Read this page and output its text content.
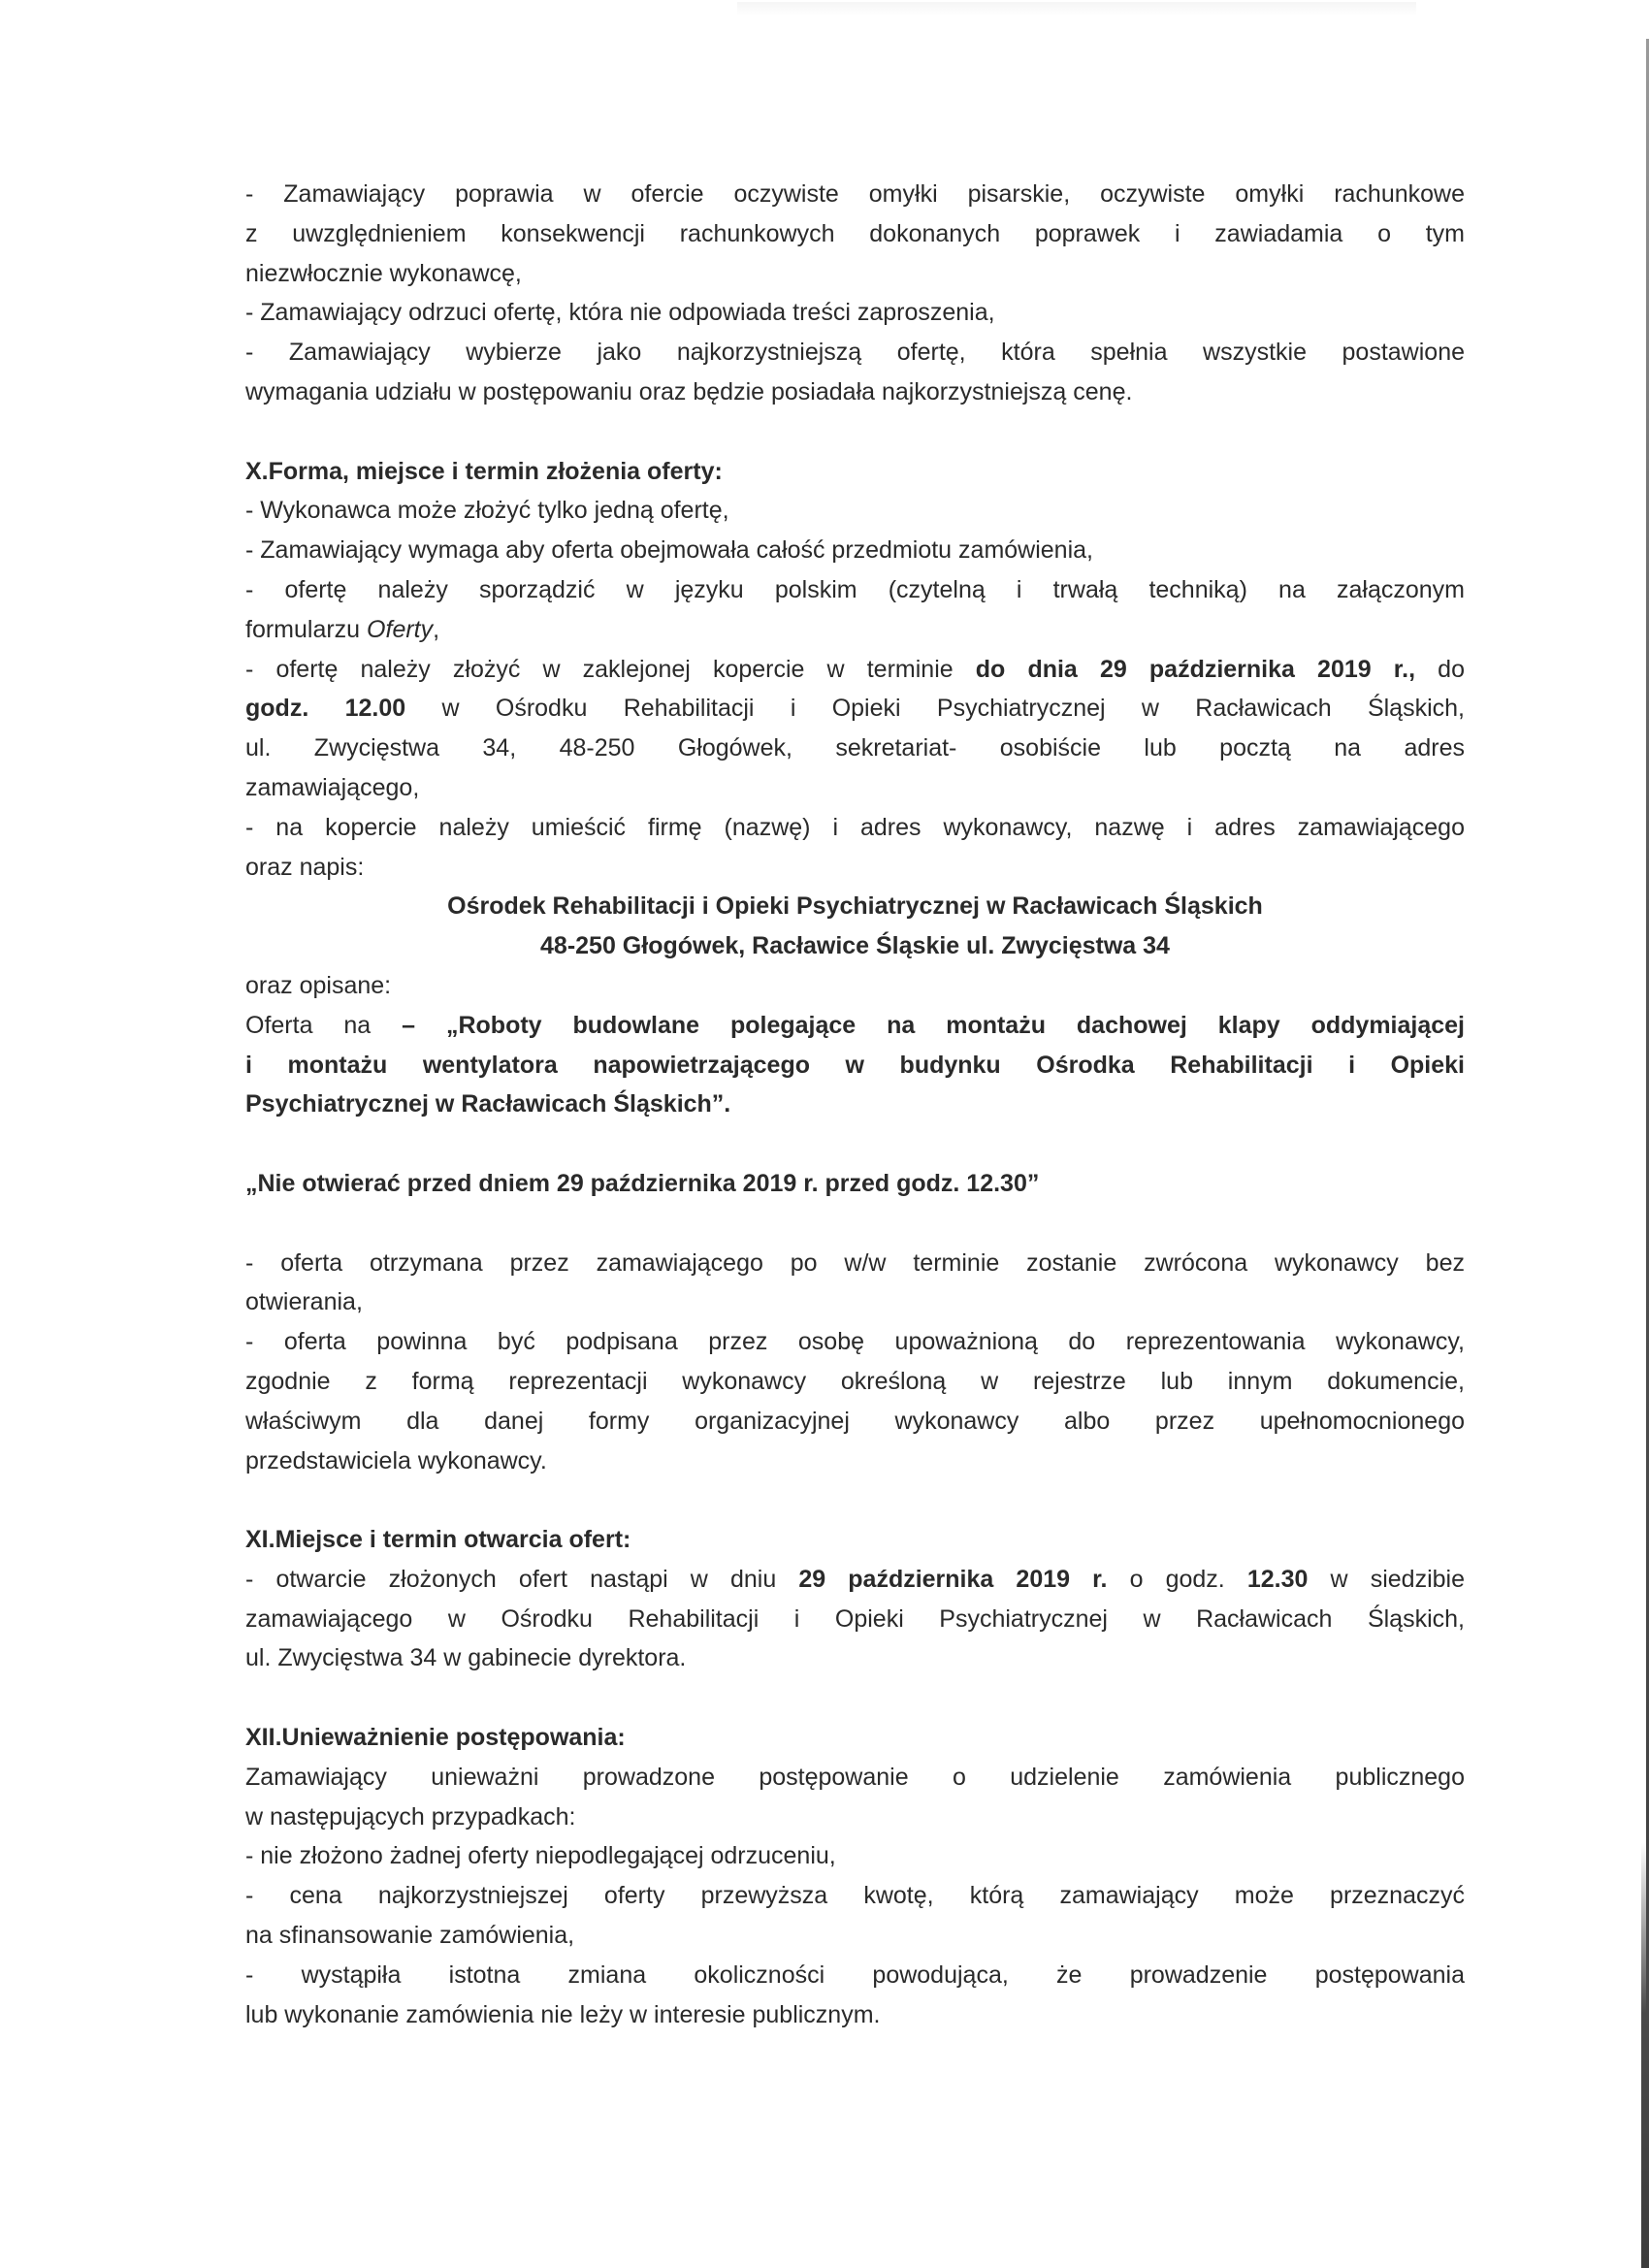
- Zamawiający poprawia w ofercie oczywiste omyłki pisarskie, oczywiste omyłki rachunkowe
z uwzględnieniem konsekwencji rachunkowych dokonanych poprawek i zawiadamia o tym
niezwłocznie wykonawcę,
- Zamawiający odrzuci ofertę, która nie odpowiada treści zaproszenia,
- Zamawiający wybierze jako najkorzystniejszą ofertę, która spełnia wszystkie postawione
wymagania udziału w postępowaniu oraz będzie posiadała najkorzystniejszą cenę.
X.Forma, miejsce i termin złożenia oferty:
- Wykonawca może złożyć tylko jedną ofertę,
- Zamawiający wymaga aby oferta obejmowała całość przedmiotu zamówienia,
- ofertę należy sporządzić w języku polskim (czytelną i trwałą techniką) na załączonym
formularzu Oferty,
- ofertę należy złożyć w zaklejonej kopercie w terminie do dnia 29 października 2019 r., do
godz. 12.00 w Ośrodku Rehabilitacji i Opieki Psychiatrycznej w Racławicach Śląskich,
ul. Zwycięstwa 34, 48-250 Głogówek, sekretariat- osobiście lub pocztą na adres
zamawiającego,
- na kopercie należy umieścić firmę (nazwę) i adres wykonawcy, nazwę i adres zamawiającego
oraz napis:
Ośrodek Rehabilitacji i Opieki Psychiatrycznej w Racławicach Śląskich
48-250 Głogówek, Racławice Śląskie ul. Zwycięstwa 34
oraz opisane:
Oferta na – „Roboty budowlane polegające na montażu dachowej klapy oddymiającej
i montażu wentylatora napowietrzającego w budynku Ośrodka Rehabilitacji i Opieki
Psychiatrycznej w Racławicach Śląskich”.
„Nie otwierać przed dniem 29 października 2019 r. przed godz. 12.30”
- oferta otrzymana przez zamawiającego po w/w terminie zostanie zwrócona wykonawcy bez
otwierania,
- oferta powinna być podpisana przez osobę upoważnioną do reprezentowania wykonawcy,
zgodnie z formą reprezentacji wykonawcy określoną w rejestrze lub innym dokumencie,
właściwym dla danej formy organizacyjnej wykonawcy albo przez upełnomocnionego
przedstawiciela wykonawcy.
XI.Miejsce i termin otwarcia ofert:
- otwarcie złożonych ofert nastąpi w dniu 29 października 2019 r. o godz. 12.30 w siedzibie
zamawiającego w Ośrodku Rehabilitacji i Opieki Psychiatrycznej w Racławicach Śląskich,
ul. Zwycięstwa 34 w gabinecie dyrektora.
XII.Unieważnienie postępowania:
Zamawiający unieważni prowadzone postępowanie o udzielenie zamówienia publicznego
w następujących przypadkach:
- nie złożono żadnej oferty niepodlegającej odrzuceniu,
- cena najkorzystniejszej oferty przewyższa kwotę, którą zamawiający może przeznaczyć
na sfinansowanie zamówienia,
- wystąpiła istotna zmiana okoliczności powodująca, że prowadzenie postępowania
lub wykonanie zamówienia nie leży w interesie publicznym.
